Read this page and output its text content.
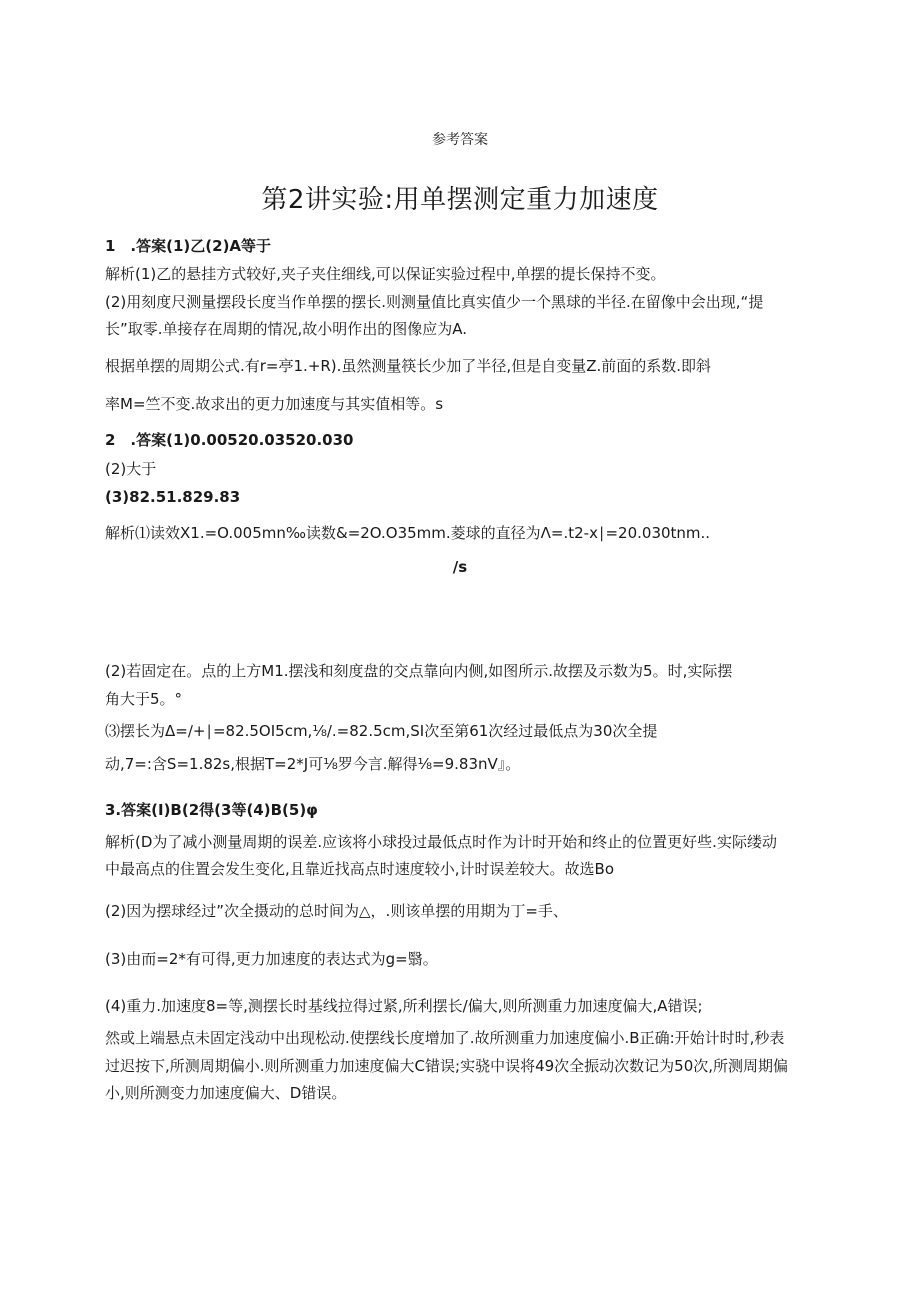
参考答案
第2讲实验:用单摆测定重力加速度
1　.答案(1)乙(2)A等于
解析(1)乙的悬挂方式较好,夹子夹住细线,可以保证实验过程中,单摆的提长保持不变。
(2)用刻度尺测量摆段长度当作单摆的摆长.则测量值比真实值少一个黑球的半径.在留像中会出现,“提
长”取零.单接存在周期的情况,故小明作出的图像应为A.
根据单摆的周期公式.有r=亭1.+R).虽然测量筷长少加了半径,但是自变量Z.前面的系数.即斜
率M=竺不变.故求出的更力加速度与其实值相等。s
2　.答案(1)0.00520.03520.030
(2)大于
(3)82.51.829.83
解析⑴读效X1.=O.005mn‰读数&=2O.O35mm.菱球的直径为Λ=.t2-x∣=20.030tnm..
/s
(2)若固定在。点的上方M1.摆浅和刻度盘的交点靠向内侧,如图所示.故摆及示数为5。时,实际摆
角大于5。°
⑶摆长为Δ=∕+∣=82.5OI5cm,⅛/.=82.5cm,SI次至第61次经过最低点为30次全提
动,7=:含S=1.82s,根据T=2*J可⅛罗今言.解得⅛=9.83nV』。
3.答案(I)B(2得(3等(4)B(5)φ
解析(D为了减小测量周期的误差.应该将小球投过最低点时作为计时开始和终止的位置更好些.实际缕动
中最高点的住置会发生变化,且靠近找高点时速度较小,计时误差较大。故选Bo
(2)因为摆球经过”次全摄动的总时间为△，.则该单摆的用期为丁=手、
(3)由而=2*有可得,更力加速度的表达式为g=翳。
(4)重力.加速度8=等,测摆长时基线拉得过紧,所利摆长/偏大,则所测重力加速度偏大,A错误;
然或上端悬点未固定浅动中出现松动.使摆线长度增加了.故所测重力加速度偏小.B正确:开始计时时,秒表
过迟按下,所测周期偏小.则所测重力加速度偏大C错误;实骁中误将49次全振动次数记为50次,所测周期偏
小,则所测变力加速度偏大、D错误。
